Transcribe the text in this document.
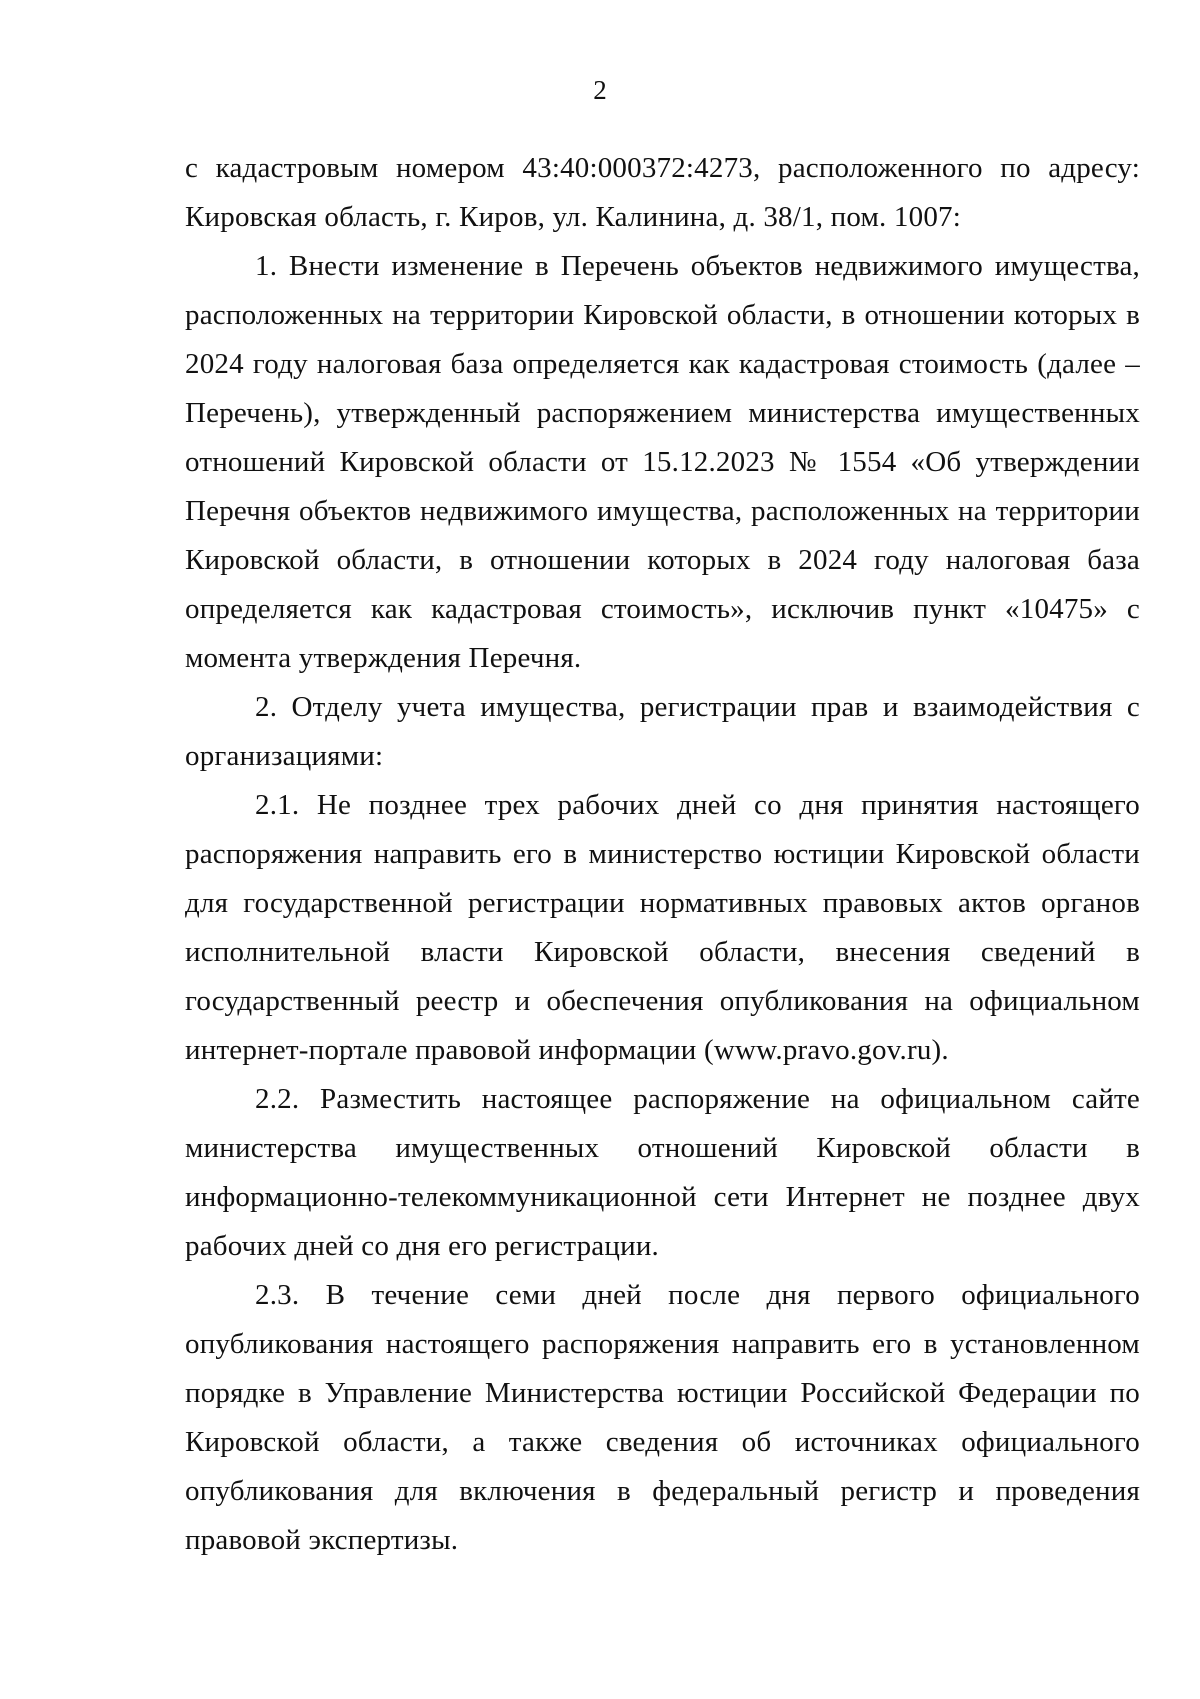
2

с кадастровым номером 43:40:000372:4273, расположенного по адресу: Кировская область, г. Киров, ул. Калинина, д. 38/1, пом. 1007:

1. Внести изменение в Перечень объектов недвижимого имущества, расположенных на территории Кировской области, в отношении которых в 2024 году налоговая база определяется как кадастровая стоимость (далее – Перечень), утвержденный распоряжением министерства имущественных отношений Кировской области от 15.12.2023 № 1554 «Об утверждении Перечня объектов недвижимого имущества, расположенных на территории Кировской области, в отношении которых в 2024 году налоговая база определяется как кадастровая стоимость», исключив пункт «10475» с момента утверждения Перечня.

2. Отделу учета имущества, регистрации прав и взаимодействия с организациями:

2.1. Не позднее трех рабочих дней со дня принятия настоящего распоряжения направить его в министерство юстиции Кировской области для государственной регистрации нормативных правовых актов органов исполнительной власти Кировской области, внесения сведений в государственный реестр и обеспечения опубликования на официальном интернет-портале правовой информации (www.pravo.gov.ru).

2.2. Разместить настоящее распоряжение на официальном сайте министерства имущественных отношений Кировской области в информационно-телекоммуникационной сети Интернет не позднее двух рабочих дней со дня его регистрации.

2.3. В течение семи дней после дня первого официального опубликования настоящего распоряжения направить его в установленном порядке в Управление Министерства юстиции Российской Федерации по Кировской области, а также сведения об источниках официального опубликования для включения в федеральный регистр и проведения правовой экспертизы.
